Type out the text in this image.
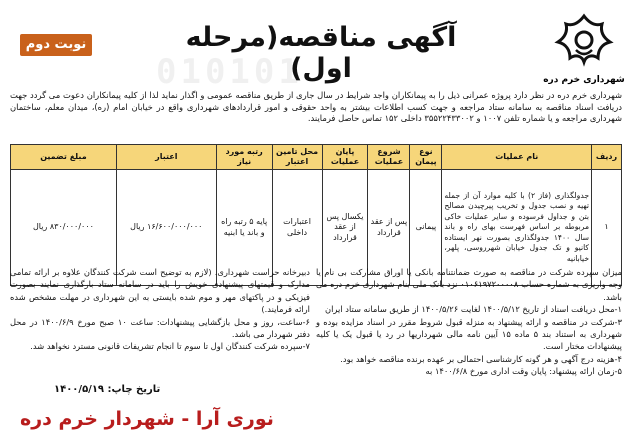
010101
نوبت دوم	آگهی مناقصه(مرحله اول)	شهرداری خرم دره

شهرداری خرم دره در نظر دارد پروژه عمرانی ذیل را به پیمانکاران واجد شرایط در سال جاری از طریق مناقصه عمومی و اگذار نماید لذا از کلیه پیمانکاران دعوت می گردد جهت دریافت اسناد مناقصه به سامانه ستاد مراجعه و جهت کسب اطلاعات بیشتر به واحد حقوقی و امور قراردادهای شهرداری واقع در خیابان امام (ره)، میدان معلم، ساختمان شهرداری مراجعه و یا شماره تلفن ۱۰۰۷ و ۳۵۵۲۲۴۳۳۰۰۲ داخلی ۱۵۲ تماس حاصل فرمایند.

ردیف	نام عملیات	نوع پیمان	شروع عملیات	پایان عملیات	محل تامین اعتبار	رتبه مورد نیاز	اعتبار	مبلغ تضمین
۱	جدولگذاری (فاز ۲) با کلیه موارد آن از جمله تهیه و نصب جدول و تخریب پیرچیدن مصالح بتن و جداول فرسوده و سایر عملیات خاکی مربوطه بر اساس فهرست بهای راه و باند سال ۱۴۰۰ جدولگذاری بصورت نهر ایستاده کانیو و تک جدول خیابان شهرروسی، پلهر، خیابانیه	پیمانی	پس از عقد قرارداد	یکسال پس از عقد قرارداد	اعتبارات داخلی	پایه ۵ رتبه راه و باند یا ابنیه	۱۶/۶۰۰/۰۰۰/۰۰۰ ریال	۸۳۰/۰۰۰/۰۰۰ ریال

میزان سپرده شرکت در مناقصه به صورت ضمانتنامه بانکی یا اوراق مشارکت بی نام یا وجه واریزی به شماره حساب ۰۱۰۶۱۹۷۲۰۰۰۰۸ نزد بانک ملی بنام شهرداری خرم دره می باشد.

۱-محل دریافت اسناد از تاریخ ۱۴۰۰/۵/۱۲ لغایت ۱۴۰۰/۵/۲۶ از طریق سامانه ستاد ایران

۳-شرکت در مناقصه و ارائه پیشنهاد به منزله قبول شروط مقرر در اسناد مزایده بوده و شهرداری به استناد بند ۵ ماده ۱۵ آیین نامه مالی شهرداریها در رد یا قبول یک یا کلیه پیشنهادات مختار است.

۴-هزینه درج آگهی و هر گونه کارشناسی احتمالی بر عهده برنده مناقصه خواهد بود.

۵-زمان ارائه پیشنهاد: پایان وقت اداری مورخ ۱۴۰۰/۶/۸ به

دبیرخانه حراست شهرداری. (لازم به توضیح است شرکت کنندگان علاوه بر ارائه تمامی مدارک و قیمتهای پیشنهادی خویش را باید در سامانه ستاد بارگذاری نمایند بصورت فیزیکی و در پاکتهای مهر و موم شده بایستی به این شهرداری در مهلت مشخص شده ارائه فرمایند.)

۶-ساعت، روز و محل بازگشایی پیشنهادات: ساعت ۱۰ صبح مورخ ۱۴۰۰/۶/۹ در محل دفتر شهردار می باشد.

۷-سپرده شرکت کنندگان اول تا سوم تا انجام تشریفات قانونی مسترد نخواهد شد.

تاریخ چاپ: ۱۴۰۰/۵/۱۹
نوری آرا - شهردار خرم دره
